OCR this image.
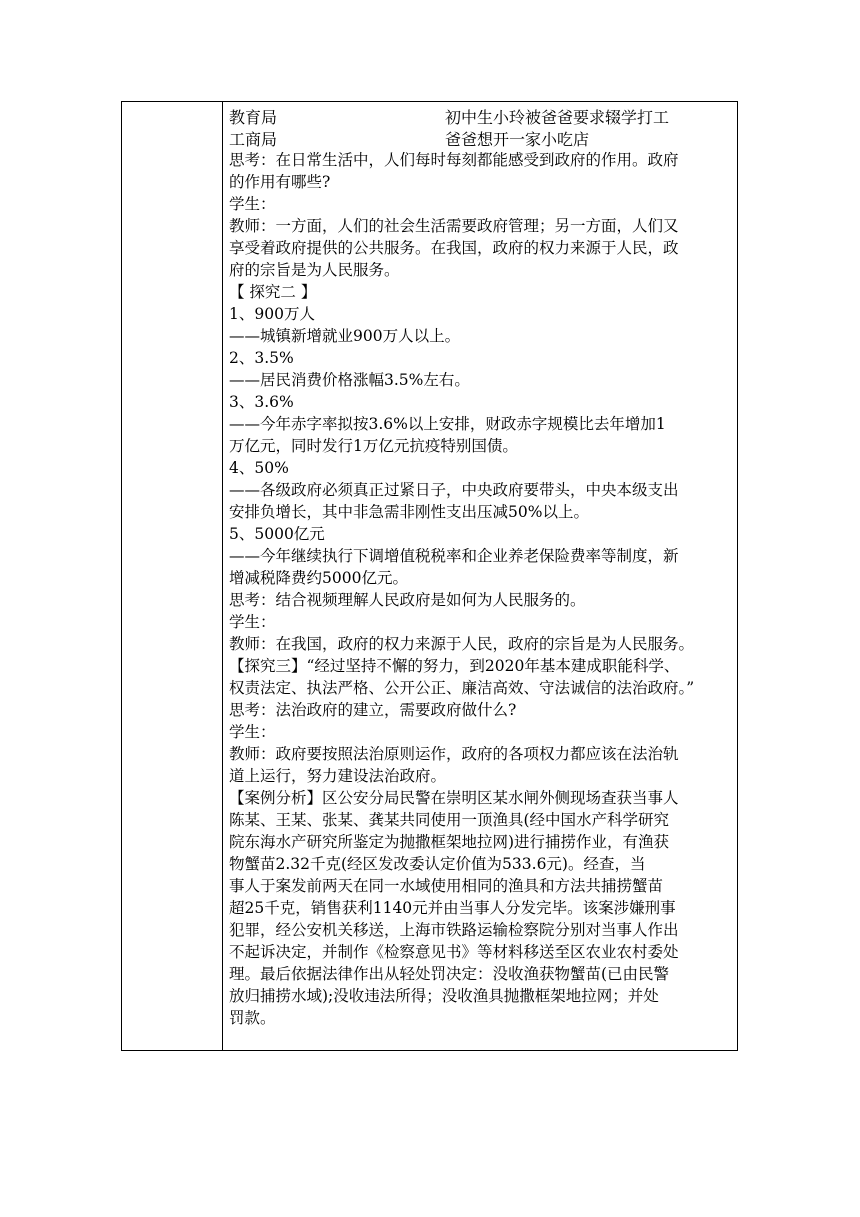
教育局	初中生小玲被爸爸要求辍学打工
工商局	爸爸想开一家小吃店
思考：在日常生活中，人们每时每刻都能感受到政府的作用。政府
的作用有哪些?
学生：
教师：一方面，人们的社会生活需要政府管理；另一方面，人们又
享受着政府提供的公共服务。在我国，政府的权力来源于人民，政
府的宗旨是为人民服务。
【 探究二 】
1、900万人
——城镇新增就业900万人以上。
2、3.5%
——居民消费价格涨幅3.5%左右。
3、3.6%
——今年赤字率拟按3.6%以上安排，财政赤字规模比去年增加1
万亿元，同时发行1万亿元抗疫特别国债。
4、50%
——各级政府必须真正过紧日子，中央政府要带头，中央本级支出
安排负增长，其中非急需非刚性支出压减50%以上。
5、5000亿元
——今年继续执行下调增值税税率和企业养老保险费率等制度，新
增减税降费约5000亿元。
思考：结合视频理解人民政府是如何为人民服务的。
学生：
教师：在我国，政府的权力来源于人民，政府的宗旨是为人民服务。
【探究三】“经过坚持不懈的努力，到2020年基本建成职能科学、
权责法定、执法严格、公开公正、廉洁高效、守法诚信的法治政府。”
思考：法治政府的建立，需要政府做什么?
学生：
教师：政府要按照法治原则运作，政府的各项权力都应该在法治轨
道上运行，努力建设法治政府。
【案例分析】区公安分局民警在崇明区某水闸外侧现场查获当事人
陈某、王某、张某、龚某共同使用一顶渔具(经中国水产科学研究
院东海水产研究所鉴定为抛撒框架地拉网)进行捕捞作业，有渔获
物蟹苗2.32千克(经区发改委认定价值为533.6元)。经查，当
事人于案发前两天在同一水域使用相同的渔具和方法共捕捞蟹苗
超25千克，销售获利1140元并由当事人分发完毕。该案涉嫌刑事
犯罪，经公安机关移送，上海市铁路运输检察院分别对当事人作出
不起诉决定，并制作《检察意见书》等材料移送至区农业农村委处
理。最后依据法律作出从轻处罚决定：没收渔获物蟹苗(已由民警
放归捕捞水域);没收违法所得；没收渔具抛撒框架地拉网；并处
罚款。
